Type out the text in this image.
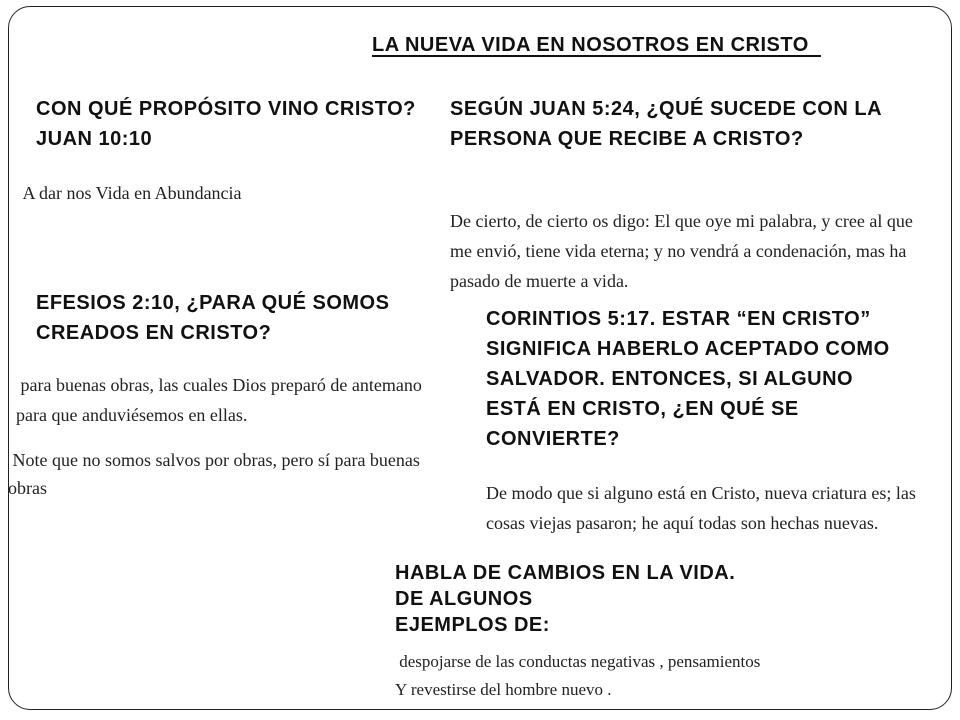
LA NUEVA VIDA EN NOSOTROS EN CRISTO
CON QUÉ PROPÓSITO VINO CRISTO? JUAN 10:10
A dar nos Vida en Abundancia
SEGÚN JUAN 5:24, ¿QUÉ SUCEDE CON LA PERSONA QUE RECIBE A CRISTO?
De cierto, de cierto os digo: El que oye mi palabra, y cree al que me envió, tiene vida eterna; y no vendrá a condenación, mas ha pasado de muerte a vida.
EFESIOS 2:10, ¿PARA QUÉ SOMOS CREADOS EN CRISTO?
para buenas obras, las cuales Dios preparó de antemano para que anduviésemos en ellas.
Note que no somos salvos por obras, pero sí para buenas obras
CORINTIOS 5:17. ESTAR “EN CRISTO” SIGNIFICA HABERLO ACEPTADO COMO SALVADOR. ENTONCES, SI ALGUNO ESTÁ EN CRISTO, ¿EN QUÉ SE CONVIERTE?
De modo que si alguno está en Cristo, nueva criatura es; las cosas viejas pasaron; he aquí todas son hechas nuevas.
HABLA DE CAMBIOS EN LA VIDA.
DE ALGUNOS
EJEMPLOS DE:
despojarse de las conductas negativas , pensamientos
Y revestirse del hombre nuevo .
